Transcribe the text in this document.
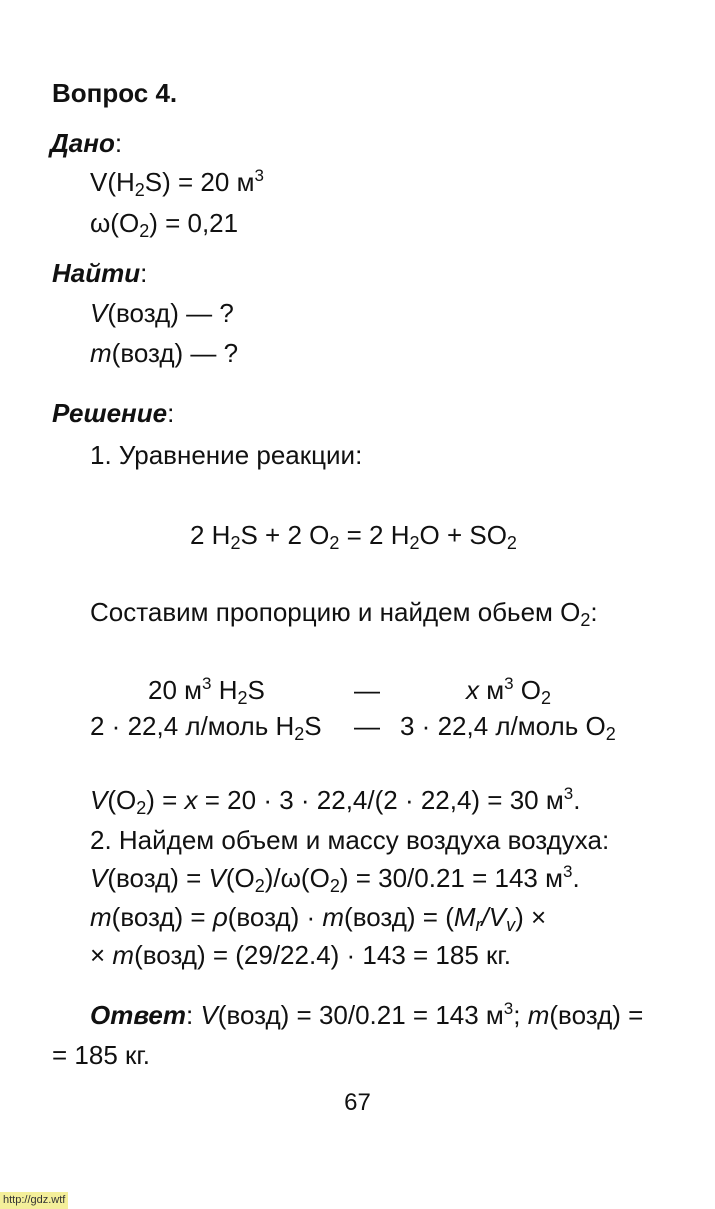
Вопрос 4.
Дано:
$V(H_2S) = 20$ $м^3$
$\omega(O_2) = 0,21$
Найти:
V(возд) — ?
m(возд) — ?
Решение:
1. Уравнение реакции:
2 $H_2S + 2$ $O_2 = 2$ $H_2O + SO_2$
Составим пропорцию и найдем обьем $O_2$:
20 $м^3$ $H_2S$	—	x $м^3$ $O_2$
2 · 22,4 л/моль $H_2S$ — 3 · 22,4 л/моль $O_2$
$V(O_2) = x = 20 \cdot 3 \cdot 22,4/(2 \cdot 22,4) = 30$ $м^3$.
2. Найдем объем и массу воздуха воздуха:
V(возд) = $V(O_2)/\omega(O_2) = 30/0.21 = 143$ $м^3$.
m(возд) = ρ(возд) · m(возд) = $(M_r/V_v)$ ×
× m(возд) = (29/22.4) · 143 = 185 кг.
Ответ: V(возд) = 30/0.21 = 143 $м^3$; m(возд) =
= 185 кг.
67
http://gdz.wtf
